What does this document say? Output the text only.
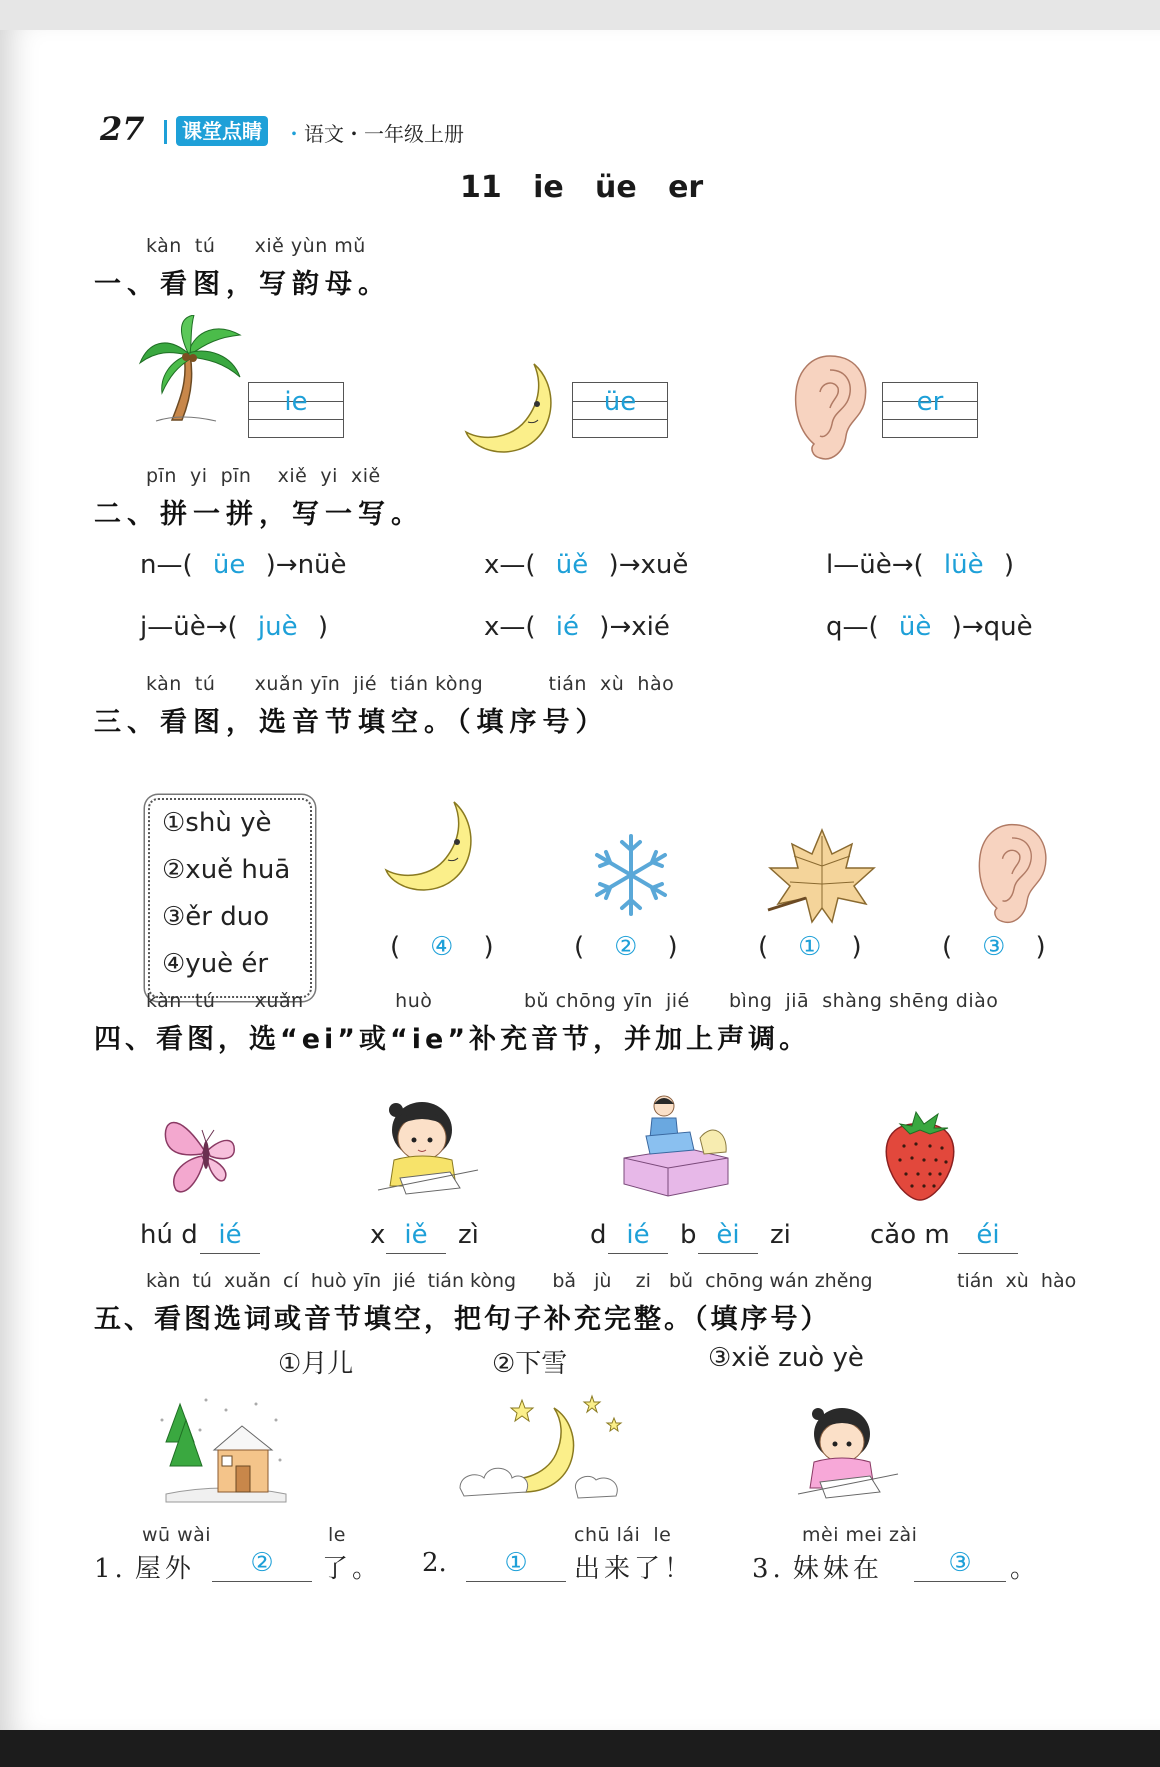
27	课堂点睛	・语文・一年级上册
11   ie   üe   er
kàn  tú      xiě yùn mǔ
一、看图，写韵母。
ie	üe	er
pīn  yi  pīn    xiě  yi  xiě
二、拼一拼，写一写。
n—( üe )→nüè	x—( üě )→xuě	l—üè→( lüè )
j—üè→( juè )	x—( ié )→xié	q—( üè )→què
kàn  tú      xuǎn yīn  jié  tián kòng          tián  xù  hào
三、看图，选音节填空。（填序号）
①shù yè
②xuě huā
③ěr duo
④yuè ér
( ④ )	( ② )	( ① )	( ③ )
kàn  tú      xuǎn              huò              bǔ chōng yīn  jié      bìng  jiā  shàng shēng diào
四、看图，选“ei”或“ie”补充音节，并加上声调。
hú d ié	x iě	zì	d ié	b èi	zi	cǎo m	éi
kàn  tú  xuǎn  cí  huò yīn  jié  tián kòng      bǎ   jù    zi   bǔ  chōng wán zhěng              tián  xù  hào
五、看图选词或音节填空，把句子补充完整。（填序号）
①月儿	②下雪	③xiě zuò yè
wū wài	le
1. 屋外	②	了。
chū lái  le
2.	①	出来了！
mèi mei zài
3. 妹妹在	③	。
